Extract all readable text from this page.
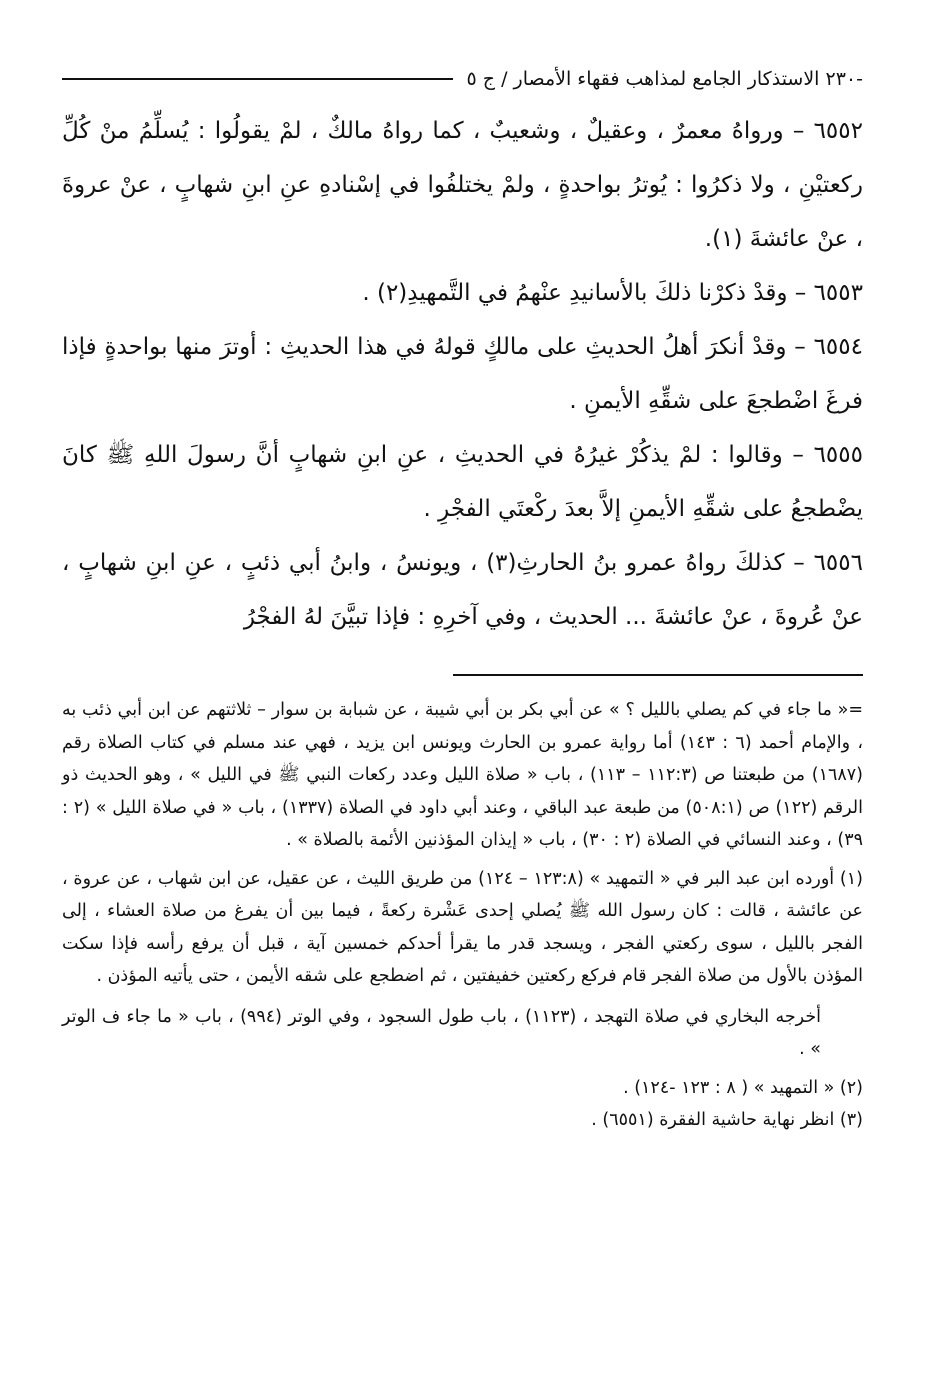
-٢٣٠ الاستذكار الجامع لمذاهب فقهاء الأمصار / ج ٥

٦٥٥٢ – ورواهُ معمرٌ ، وعقيلٌ ، وشعيبٌ ، كما رواهُ مالكٌ ، لمْ يقولُوا : يُسلِّمُ منْ كُلِّ ركعتيْنِ ، ولا ذكرُوا : يُوترُ بواحدةٍ ، ولمْ يختلفُوا في إسْنادهِ عنِ ابنِ شهابٍ ، عنْ عروةَ ، عنْ عائشةَ (١).

٦٥٥٣ – وقدْ ذكرْنا ذلكَ بالأسانيدِ عنْهمُ في التَّمهيدِ(٢) .

٦٥٥٤ – وقدْ أنكرَ أهلُ الحديثِ على مالكٍ قولهُ في هذا الحديثِ : أوترَ منها بواحدةٍ فإذا فرغَ اضْطجعَ على شقِّهِ الأيمنِ .

٦٥٥٥ – وقالوا : لمْ يذكُرْ غيرُهُ في الحديثِ ، عنِ ابنِ شهابٍ أنَّ رسولَ اللهِ ﷺ كانَ يضْطجعُ على شقِّهِ الأيمنِ إلاَّ بعدَ ركْعتَي الفجْرِ .

٦٥٥٦ – كذلكَ رواهُ عمرو بنُ الحارثِ(٣) ، ويونسُ ، وابنُ أبي ذئبٍ ، عنِ ابنِ شهابٍ ، عنْ عُروةَ ، عنْ عائشةَ ... الحديث ، وفي آخرِهِ : فإذا تبيَّنَ لهُ الفجْرُ

=« ما جاء في كم يصلي بالليل ؟ » عن أبي بكر بن أبي شيبة ، عن شبابة بن سوار – ثلاثتهم عن ابن أبي ذئب به ، والإمام أحمد (٦ : ١٤٣) أما رواية عمرو بن الحارث ويونس ابن يزيد ، فهي عند مسلم في كتاب الصلاة رقم (١٦٨٧) من طبعتنا ص (١١٢:٣ – ١١٣) ، باب « صلاة الليل وعدد ركعات النبي ﷺ في الليل » ، وهو الحديث ذو الرقم (١٢٢) ص (٥٠٨:١) من طبعة عبد الباقي ، وعند أبي داود في الصلاة (١٣٣٧) ، باب « في صلاة الليل » (٢ : ٣٩) ، وعند النسائي في الصلاة (٢ : ٣٠) ، باب « إيذان المؤذنين الأئمة بالصلاة » .

(١) أورده ابن عبد البر في « التمهيد » (١٢٣:٨ – ١٢٤) من طريق الليث ، عن عقيل، عن ابن شهاب ، عن عروة ، عن عائشة ، قالت : كان رسول الله ﷺ يُصلي إحدى عَشْرة ركعةً ، فيما بين أن يفرغ من صلاة العشاء ، إلى الفجر بالليل ، سوى ركعتي الفجر ، ويسجد قدر ما يقرأ أحدكم خمسين آية ، قبل أن يرفع رأسه فإذا سكت المؤذن بالأول من صلاة الفجر قام فركع ركعتين خفيفتين ، ثم اضطجع على شقه الأيمن ، حتى يأتيه المؤذن .

أخرجه البخاري في صلاة التهجد ، (١١٢٣) ، باب طول السجود ، وفي الوتر (٩٩٤) ، باب « ما جاء ف الوتر » .

(٢) « التمهيد » ( ٨ : ١٢٣ -١٢٤) .

(٣) انظر نهاية حاشية الفقرة (٦٥٥١) .
